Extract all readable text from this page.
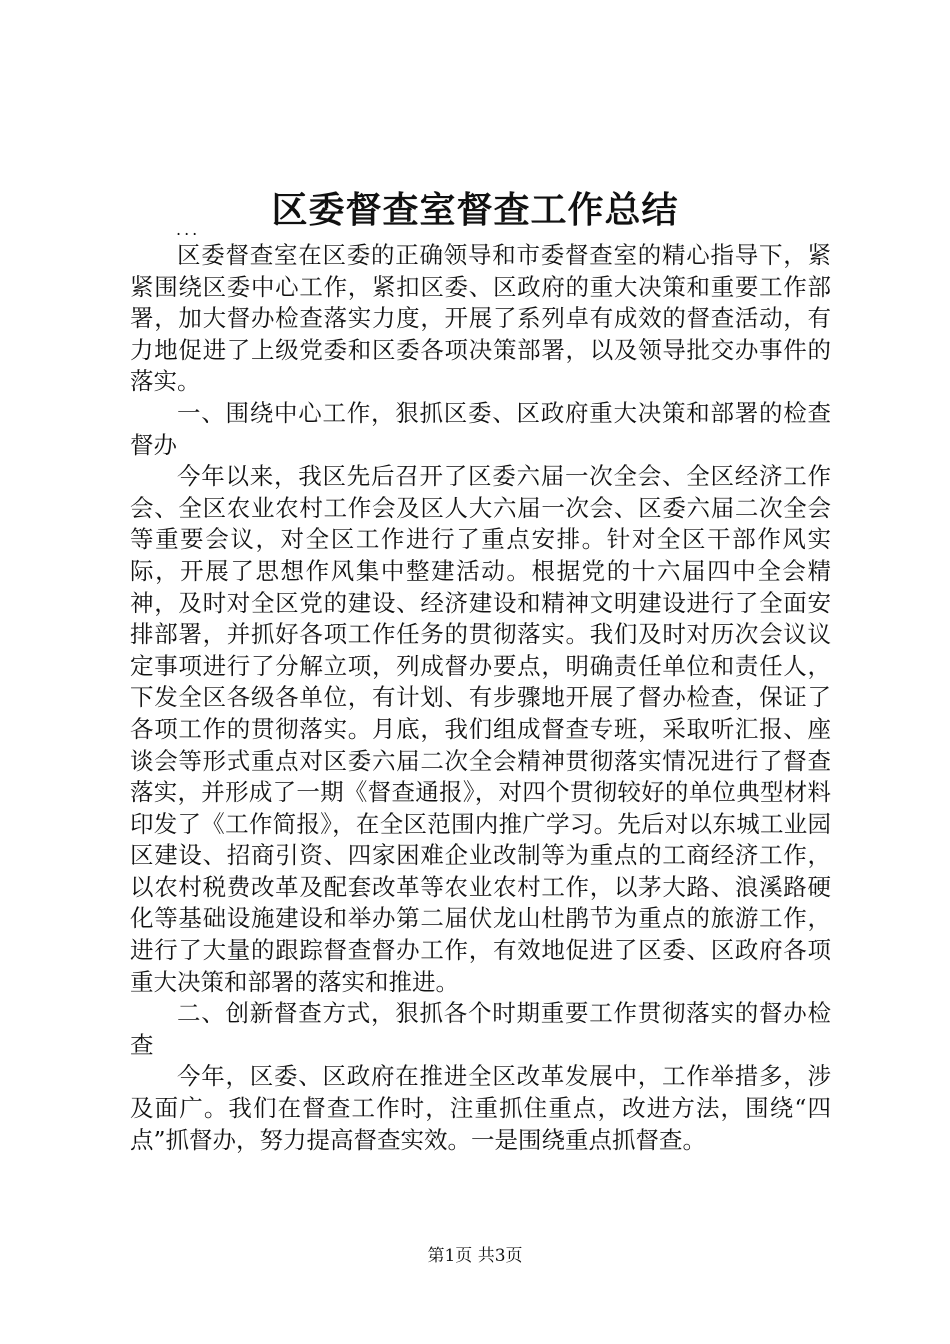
区委督查室督查工作总结
...

区委督查室在区委的正确领导和市委督查室的精心指导下，紧紧围绕区委中心工作，紧扣区委、区政府的重大决策和重要工作部署，加大督办检查落实力度，开展了系列卓有成效的督查活动，有力地促进了上级党委和区委各项决策部署，以及领导批交办事件的落实。

一、围绕中心工作，狠抓区委、区政府重大决策和部署的检查督办

今年以来，我区先后召开了区委六届一次全会、全区经济工作会、全区农业农村工作会及区人大六届一次会、区委六届二次全会等重要会议，对全区工作进行了重点安排。针对全区干部作风实际，开展了思想作风集中整建活动。根据党的十六届四中全会精神，及时对全区党的建设、经济建设和精神文明建设进行了全面安排部署，并抓好各项工作任务的贯彻落实。我们及时对历次会议议定事项进行了分解立项，列成督办要点，明确责任单位和责任人，下发全区各级各单位，有计划、有步骤地开展了督办检查，保证了各项工作的贯彻落实。月底，我们组成督查专班，采取听汇报、座谈会等形式重点对区委六届二次全会精神贯彻落实情况进行了督查落实，并形成了一期《督查通报》，对四个贯彻较好的单位典型材料印发了《工作简报》，在全区范围内推广学习。先后对以东城工业园区建设、招商引资、四家困难企业改制等为重点的工商经济工作，以农村税费改革及配套改革等农业农村工作，以茅大路、浪溪路硬化等基础设施建设和举办第二届伏龙山杜鹃节为重点的旅游工作，进行了大量的跟踪督查督办工作，有效地促进了区委、区政府各项重大决策和部署的落实和推进。

二、创新督查方式，狠抓各个时期重要工作贯彻落实的督办检查

今年，区委、区政府在推进全区改革发展中，工作举措多，涉及面广。我们在督查工作时，注重抓住重点，改进方法，围绕“四点”抓督办，努力提高督查实效。一是围绕重点抓督查。

第1页 共3页
